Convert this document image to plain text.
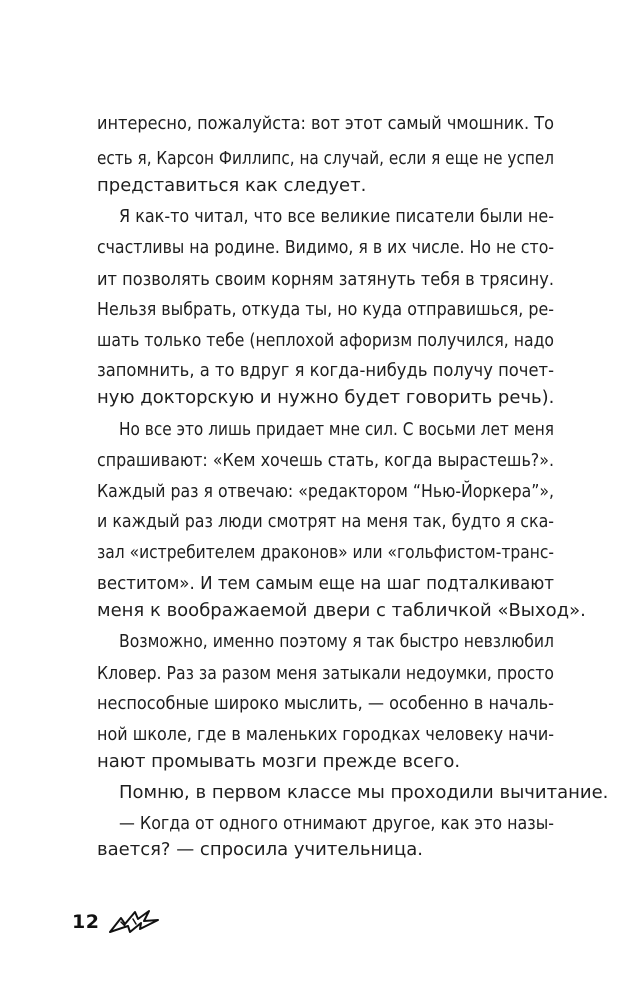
интересно, пожалуйста: вот этот самый чмошник. То
есть я, Карсон Филлипс, на случай, если я еще не успел
представиться как следует.
Я как-то читал, что все великие писатели были не-
счастливы на родине. Видимо, я в их числе. Но не сто-
ит позволять своим корням затянуть тебя в трясину.
Нельзя выбрать, откуда ты, но куда отправишься, ре-
шать только тебе (неплохой афоризм получился, надо
запомнить, а то вдруг я когда-нибудь получу почет-
ную докторскую и нужно будет говорить речь).
Но все это лишь придает мне сил. С восьми лет меня
спрашивают: «Кем хочешь стать, когда вырастешь?».
Каждый раз я отвечаю: «редактором “Нью-Йоркера”»,
и каждый раз люди смотрят на меня так, будто я ска-
зал «истребителем драконов» или «гольфистом-транс-
веститом». И тем самым еще на шаг подталкивают
меня к воображаемой двери с табличкой «Выход».
Возможно, именно поэтому я так быстро невзлюбил
Кловер. Раз за разом меня затыкали недоумки, просто
неспособные широко мыслить, — особенно в началь-
ной школе, где в маленьких городках человеку начи-
нают промывать мозги прежде всего.
Помню, в первом классе мы проходили вычитание.
— Когда от одного отнимают другое, как это назы-
вается? — спросила учительница.
12
